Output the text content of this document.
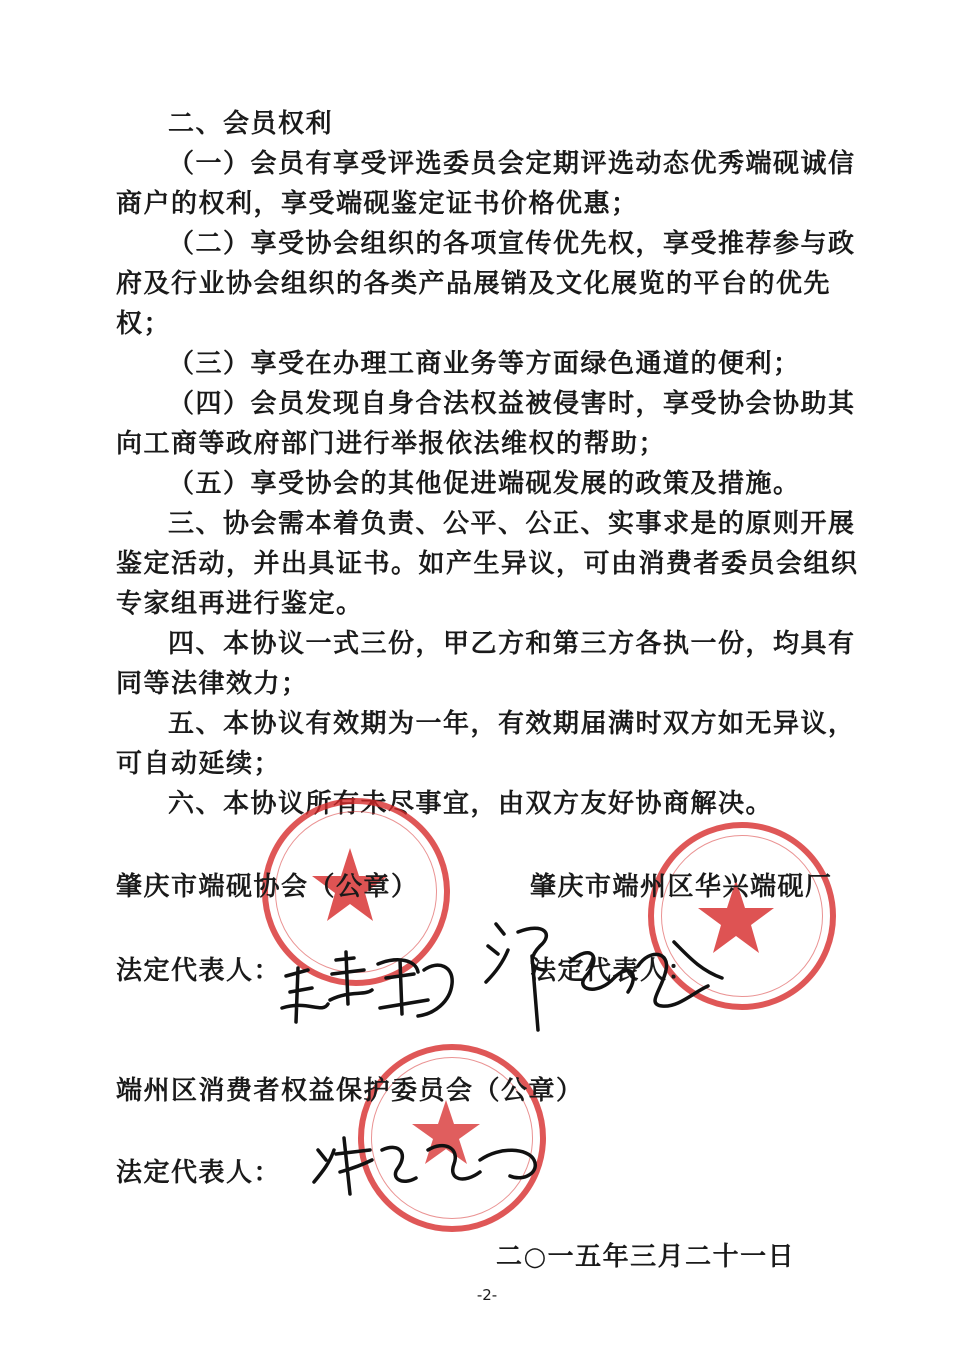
二、会员权利

（一）会员有享受评选委员会定期评选动态优秀端砚诚信商户的权利，享受端砚鉴定证书价格优惠；

（二）享受协会组织的各项宣传优先权，享受推荐参与政府及行业协会组织的各类产品展销及文化展览的平台的优先权；

（三）享受在办理工商业务等方面绿色通道的便利；

（四）会员发现自身合法权益被侵害时，享受协会协助其向工商等政府部门进行举报依法维权的帮助；

（五）享受协会的其他促进端砚发展的政策及措施。

三、协会需本着负责、公平、公正、实事求是的原则开展鉴定活动，并出具证书。如产生异议，可由消费者委员会组织专家组再进行鉴定。

四、本协议一式三份，甲乙方和第三方各执一份，均具有同等法律效力；

五、本协议有效期为一年，有效期届满时双方如无异议，可自动延续；

六、本协议所有未尽事宜，由双方友好协商解决。

肇庆市端砚协会（公章）	肇庆市端州区华兴端砚厂
法定代表人：	法定代表人：
端州区消费者权益保护委员会（公章）
法定代表人：
二○一五年三月二十一日
-2-
